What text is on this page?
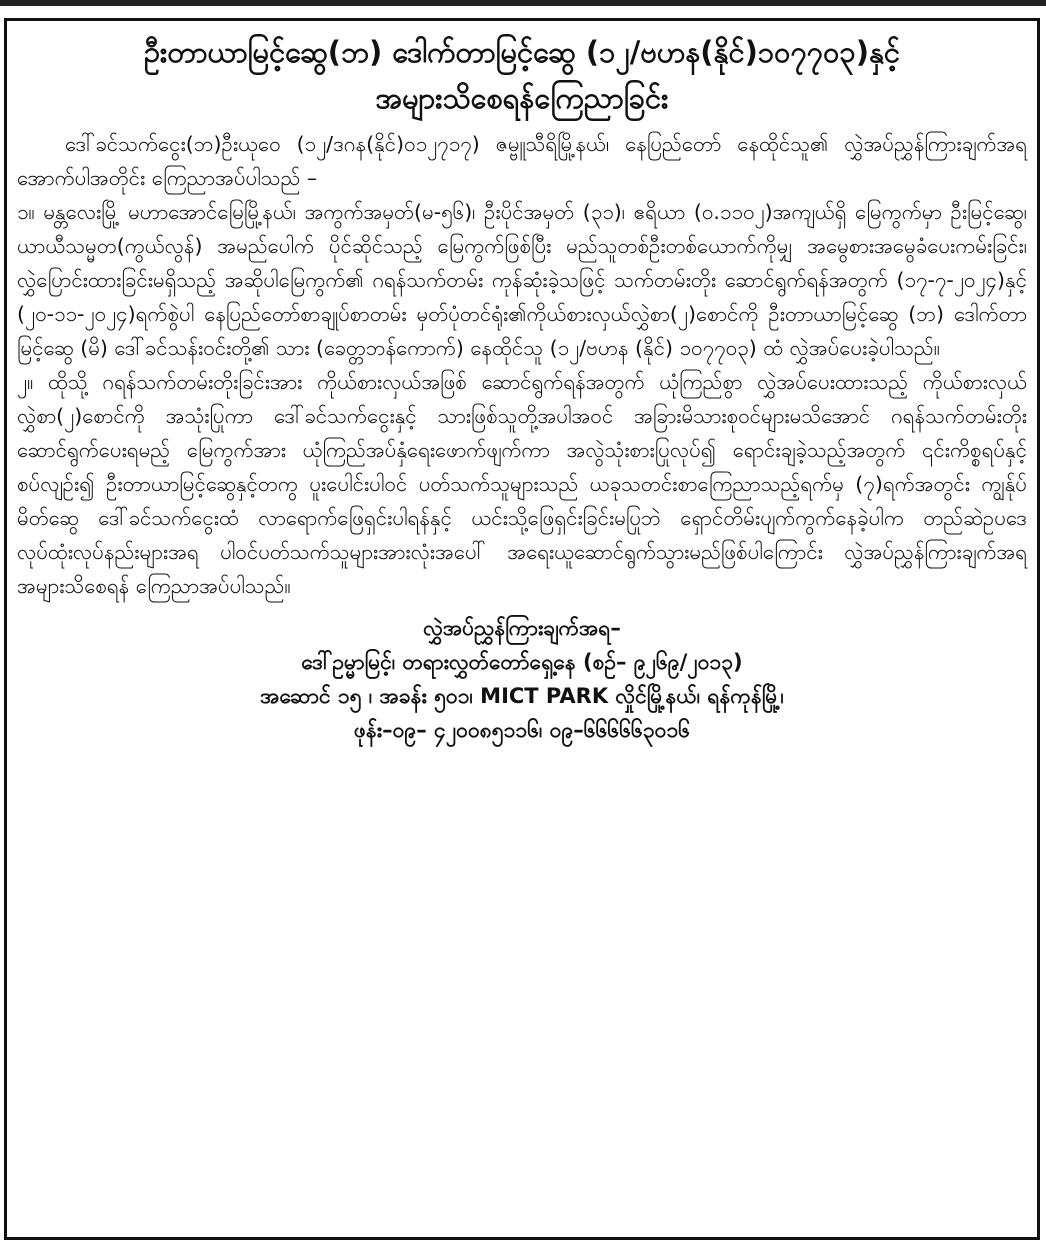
ဦးတာယာမြင့်ဆွေ(ဘ) ဒေါက်တာမြင့်ဆွေ (၁၂/ဗဟန(နိုင်)၁၀၇၇၀၃)နှင့်
အများသိစေရန်ကြေညာခြင်း

ဒေါ်ခင်သက်ငွေး(ဘ)ဦးယုဝေ (၁၂/ဒဂန(နိုင်)၀၁၂၇၁၇) ဇမ္ဗူသီရိမြို့နယ်၊ နေပြည်တော် နေထိုင်သူ၏ လွှဲအပ်ညွှန်ကြားချက်အရ အောက်ပါအတိုင်း ကြေညာအပ်ပါသည် –

၁။ မန္တလေးမြို့ မဟာအောင်မြေမြို့နယ်၊ အကွက်အမှတ်(မ-၅၆)၊ ဦးပိုင်အမှတ် (၃၁)၊ ဧရိယာ (၀.၁၁၀၂)အကျယ်ရှိ မြေကွက်မှာ ဦးမြင့်ဆွေ၊ ယာယီသမ္မတ(ကွယ်လွန်) အမည်ပေါက် ပိုင်ဆိုင်သည့် မြေကွက်ဖြစ်ပြီး မည်သူတစ်ဦးတစ်ယောက်ကိုမျှ အမွေစားအမွေခံပေးကမ်းခြင်း၊ လွှဲပြောင်းထားခြင်းမရှိသည့် အဆိုပါမြေကွက်၏ ဂရန်သက်တမ်း ကုန်ဆုံးခဲ့သဖြင့် သက်တမ်းတိုး ဆောင်ရွက်ရန်အတွက် (၁၇-၇-၂၀၂၄)နှင့် (၂၀-၁၁-၂၀၂၄)ရက်စွဲပါ နေပြည်တော်စာချုပ်စာတမ်း မှတ်ပုံတင်ရုံး၏ကိုယ်စားလှယ်လွှဲစာ(၂)စောင်ကို ဦးတာယာမြင့်ဆွေ (ဘ) ဒေါက်တာမြင့်ဆွေ (မိ) ဒေါ်ခင်သန်းဝင်းတို့၏ သား (ခေတ္တဘန်ကောက်) နေထိုင်သူ (၁၂/ဗဟန (နိုင်) ၁၀၇၇၀၃) ထံ လွှဲအပ်ပေးခဲ့ပါသည်။

၂။ ထိုသို့ ဂရန်သက်တမ်းတိုးခြင်းအား ကိုယ်စားလှယ်အဖြစ် ဆောင်ရွက်ရန်အတွက် ယုံကြည်စွာ လွှဲအပ်ပေးထားသည့် ကိုယ်စားလှယ်လွှဲစာ(၂)စောင်ကို အသုံးပြုကာ ဒေါ်ခင်သက်ငွေးနှင့် သားဖြစ်သူတို့အပါအဝင် အခြားမိသားစုဝင်များမသိအောင် ဂရန်သက်တမ်းတိုး ဆောင်ရွက်ပေးရမည့် မြေကွက်အား ယုံကြည်အပ်နှံရေးဖောက်ဖျက်ကာ အလွဲသုံးစားပြုလုပ်၍ ရောင်းချခဲ့သည့်အတွက် ၎င်းကိစ္စရပ်နှင့်စပ်လျဉ်း၍ ဦးတာယာမြင့်ဆွေနှင့်တကွ ပူးပေါင်းပါဝင် ပတ်သက်သူများသည် ယခုသတင်းစာကြေညာသည့်ရက်မှ (၇)ရက်အတွင်း ကျွန်ုပ်မိတ်ဆွေ ဒေါ်ခင်သက်ငွေးထံ လာရောက်ဖြေရှင်းပါရန်နှင့် ယင်းသို့ဖြေရှင်းခြင်းမပြုဘဲ ရှောင်တိမ်းပျက်ကွက်နေခဲ့ပါက တည်ဆဲဥပဒေလုပ်ထုံးလုပ်နည်းများအရ ပါဝင်ပတ်သက်သူများအားလုံးအပေါ် အရေးယူဆောင်ရွက်သွားမည်ဖြစ်ပါကြောင်း လွှဲအပ်ညွှန်ကြားချက်အရ အများသိစေရန် ကြေညာအပ်ပါသည်။

လွှဲအပ်ညွှန်ကြားချက်အရ–

ဒေါ်ဥမ္မာမြင့်၊ တရားလွှတ်တော်ရှေ့နေ (စဉ်– ၉၂၆၉/၂၀၁၃)

အဆောင် ၁၅ ၊ အခန်း ၅၀၁၊ MICT PARK လှိုင်မြို့နယ်၊ ရန်ကုန်မြို့၊

ဖုန်း–၀၉– ၄၂၀၀၈၅၁၁၆၊ ၀၉–၆၆၆၆၆၃၀၁၆
